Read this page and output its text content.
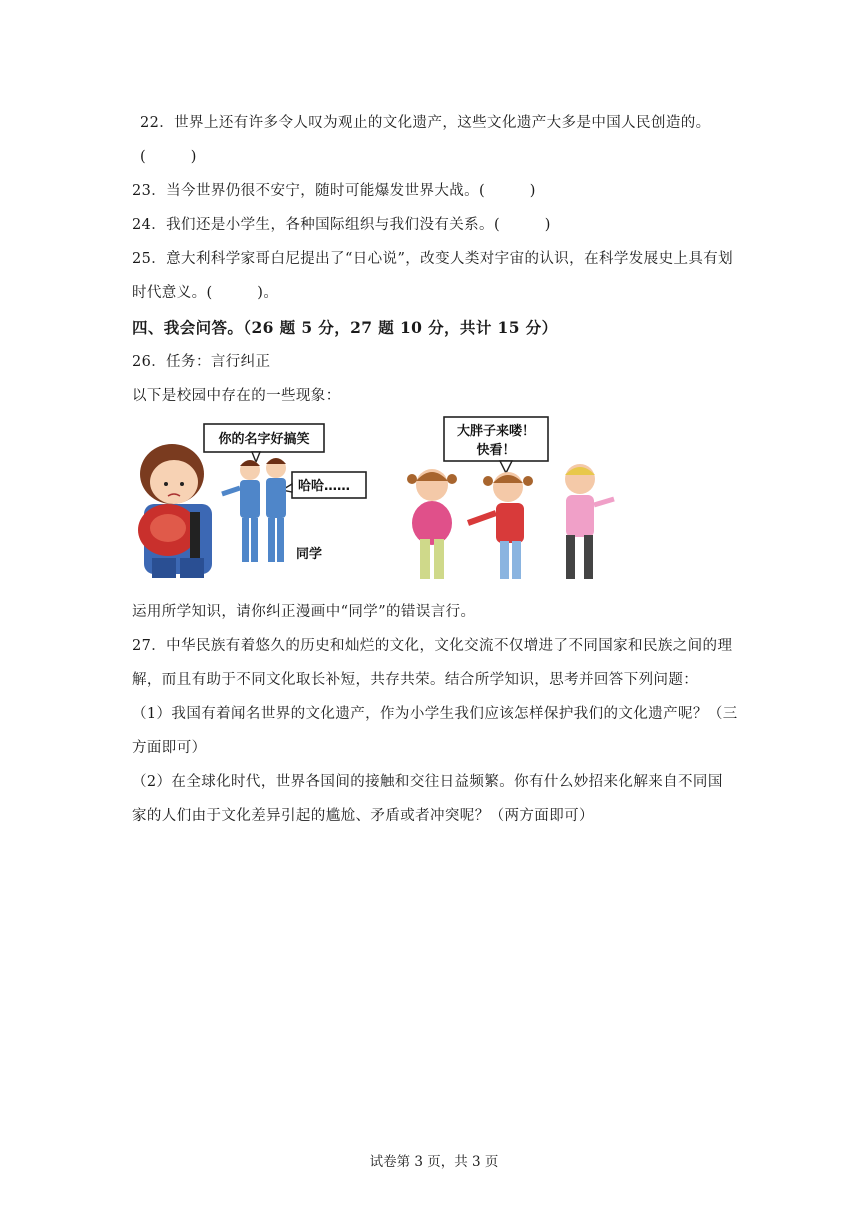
22．世界上还有许多令人叹为观止的文化遗产，这些文化遗产大多是中国人民创造的。
(　　　)
23．当今世界仍很不安宁，随时可能爆发世界大战。(　　　)
24．我们还是小学生，各种国际组织与我们没有关系。(　　　)
25．意大利科学家哥白尼提出了“日心说”，改变人类对宇宙的认识，在科学发展史上具有划
时代意义。(　　　)。
四、我会问答。（26 题 5 分，27 题 10 分，共计 15 分）
26．任务：言行纠正
以下是校园中存在的一些现象：
你的名字好搞笑
哈哈……
同学
大胖子来喽！
快看！
运用所学知识，请你纠正漫画中“同学”的错误言行。
27．中华民族有着悠久的历史和灿烂的文化，文化交流不仅增进了不同国家和民族之间的理
解，而且有助于不同文化取长补短，共存共荣。结合所学知识，思考并回答下列问题：
（1）我国有着闻名世界的文化遗产，作为小学生我们应该怎样保护我们的文化遗产呢？（三
方面即可）
（2）在全球化时代，世界各国间的接触和交往日益频繁。你有什么妙招来化解来自不同国
家的人们由于文化差异引起的尴尬、矛盾或者冲突呢？（两方面即可）
试卷第 3 页，共 3 页
